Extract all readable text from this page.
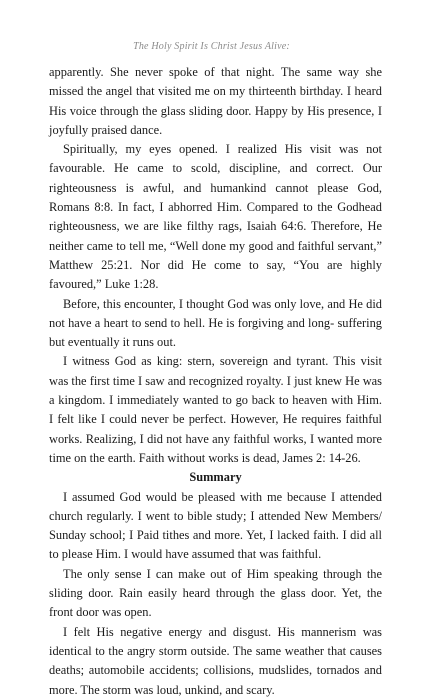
The Holy Spirit Is Christ Jesus Alive:

apparently. She never spoke of that night. The same way she missed the angel that visited me on my thirteenth birthday. I heard His voice through the glass sliding door. Happy by His presence, I joyfully praised dance.

Spiritually, my eyes opened. I realized His visit was not favourable. He came to scold, discipline, and correct. Our righteousness is awful, and humankind cannot please God, Romans 8:8. In fact, I abhorred Him. Compared to the Godhead righteousness, we are like filthy rags, Isaiah 64:6. Therefore, He neither came to tell me, “Well done my good and faithful servant,” Matthew 25:21. Nor did He come to say, “You are highly favoured,” Luke 1:28.

Before, this encounter, I thought God was only love, and He did not have a heart to send to hell. He is forgiving and long- suffering but eventually it runs out.

I witness God as king: stern, sovereign and tyrant. This visit was the first time I saw and recognized royalty. I just knew He was a kingdom. I immediately wanted to go back to heaven with Him. I felt like I could never be perfect. However, He requires faithful works. Realizing, I did not have any faithful works, I wanted more time on the earth. Faith without works is dead, James 2: 14-26.

Summary

I assumed God would be pleased with me because I attended church regularly. I went to bible study; I attended New Members/ Sunday school; I Paid tithes and more. Yet, I lacked faith. I did all to please Him. I would have assumed that was faithful.

The only sense I can make out of Him speaking through the sliding door. Rain easily heard through the glass door. Yet, the front door was open.

I felt His negative energy and disgust. His mannerism was identical to the angry storm outside. The same weather that causes deaths; automobile accidents; collisions, mudslides, tornados and more. The storm was loud, unkind, and scary.
